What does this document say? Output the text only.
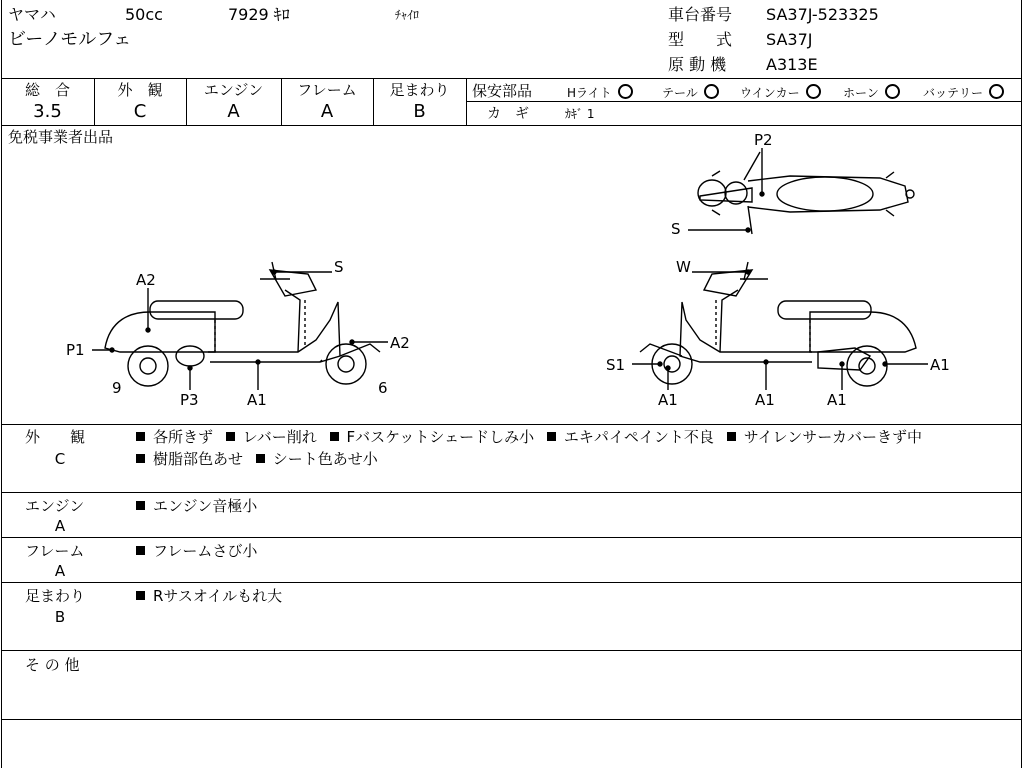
ヤマハ	50cc	7929 ｷﾛ	ﾁｬｲﾛ
ビーノモルフェ
車台番号 SA37J-523325
型　　式 SA37J
原 動 機 A313E
総　合
3.5
外　観
C
エンジン
A
フレーム
A
足まわり
B
保安部品	Hライト	テール	ウインカー	ホーン	バッテリー
カ　ギ	ｶｷﾞ 1
免税事業者出品	P2
S
S
A2
P1	A2
9
P3	A1
6
W
S1
A1	A1	A1
A1
外　　観
C
各所きず レバー削れ Fバスケットシェードしみ小 エキパイペイント不良 サイレンサーカバーきず中
樹脂部色あせ シート色あせ小
エンジン
A
エンジン音極小
フレーム
A
フレームさび小
足まわり
B
Rサスオイルもれ大
そ の 他
